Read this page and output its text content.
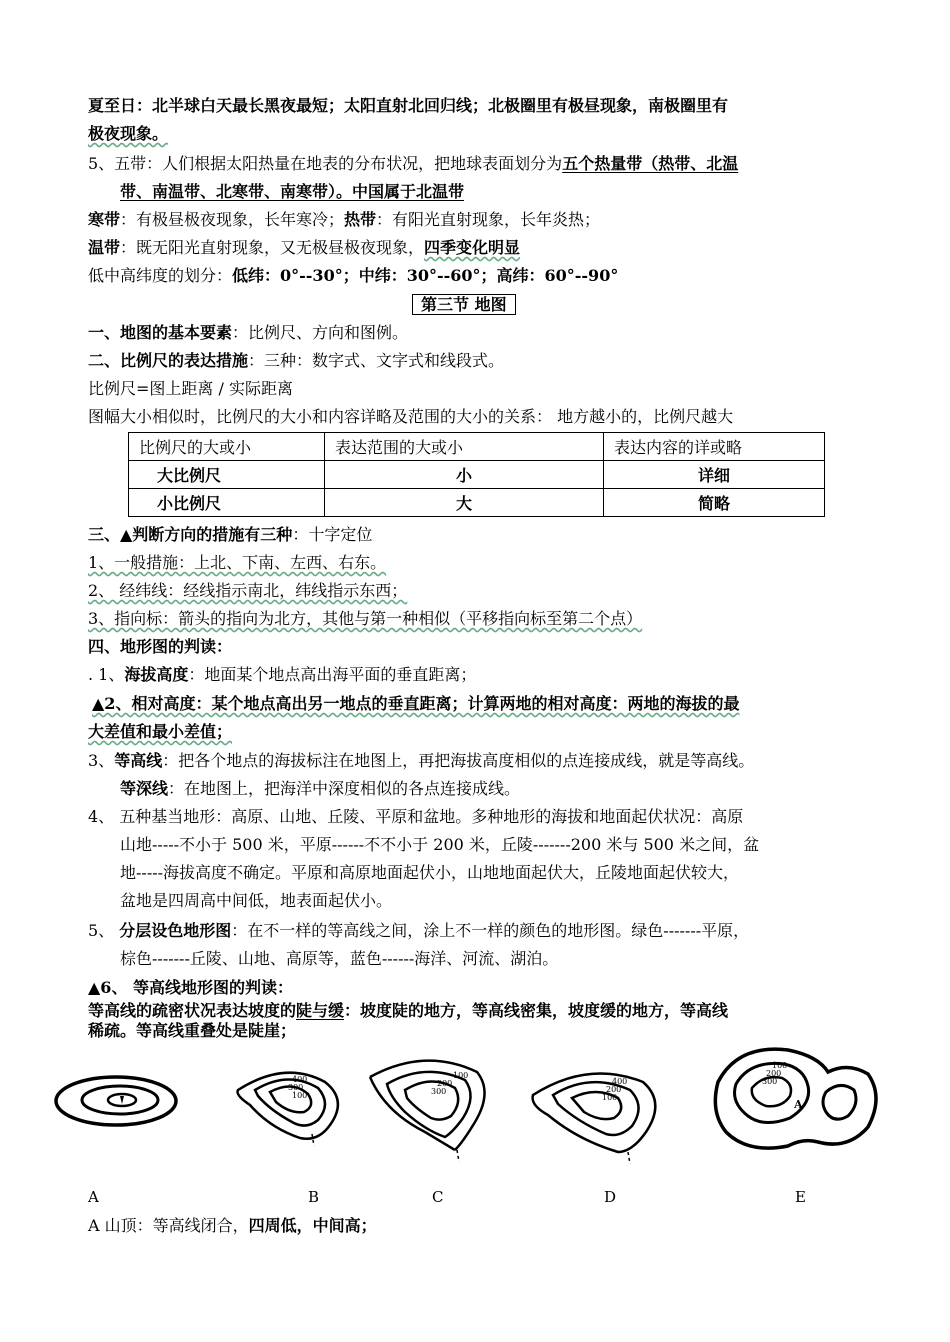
夏至日：北半球白天最长黑夜最短；太阳直射北回归线；北极圈里有极昼现象，南极圈里有
极夜现象。
5、五带：人们根据太阳热量在地表的分布状况，把地球表面划分为五个热量带（热带、北温
带、南温带、北寒带、南寒带）。中国属于北温带
寒带：有极昼极夜现象，长年寒冷；热带：有阳光直射现象，长年炎热；
温带：既无阳光直射现象，又无极昼极夜现象，四季变化明显
低中高纬度的划分：低纬：0°--30°；中纬：30°--60°；高纬：60°--90°
第三节 地图
一、地图的基本要素：比例尺、方向和图例。
二、比例尺的表达措施：三种：数字式、文字式和线段式。
比例尺=图上距离 / 实际距离
图幅大小相似时，比例尺的大小和内容详略及范围的大小的关系： 地方越小的，比例尺越大
比例尺的大或小	表达范围的大或小	表达内容的详或略
大比例尺	小	详细
小比例尺	大	简略
三、▲判断方向的措施有三种：十字定位
1、一般措施：上北、下南、左西、右东。
2、 经纬线：经线指示南北，纬线指示东西；
3、指向标：箭头的指向为北方，其他与第一种相似（平移指向标至第二个点）
四、地形图的判读：
. 1、海拔高度：地面某个地点高出海平面的垂直距离；
▲2、相对高度：某个地点高出另一地点的垂直距离；计算两地的相对高度：两地的海拔的最
大差值和最小差值；
3、等高线：把各个地点的海拔标注在地图上，再把海拔高度相似的点连接成线，就是等高线。
等深线：在地图上，把海洋中深度相似的各点连接成线。
4、 五种基当地形：高原、山地、丘陵、平原和盆地。多种地形的海拔和地面起伏状况：高原
山地-----不小于 500 米，平原------不不小于 200 米，丘陵-------200 米与 500 米之间，盆
地-----海拔高度不确定。平原和高原地面起伏小，山地地面起伏大，丘陵地面起伏较大，
盆地是四周高中间低，地表面起伏小。
5、 分层设色地形图：在不一样的等高线之间，涂上不一样的颜色的地形图。绿色-------平原，
棕色-------丘陵、山地、高原等，蓝色------海洋、河流、湖泊。
▲6、 等高线地形图的判读：
等高线的疏密状况表达坡度的陡与缓：坡度陡的地方，等高线密集，坡度缓的地方，等高线
稀疏。等高线重叠处是陡崖；
400
300
100
100
200
300
400
200
100
100
200
300
A
A	B	C	D	E
A 山顶：等高线闭合，四周低，中间高；
